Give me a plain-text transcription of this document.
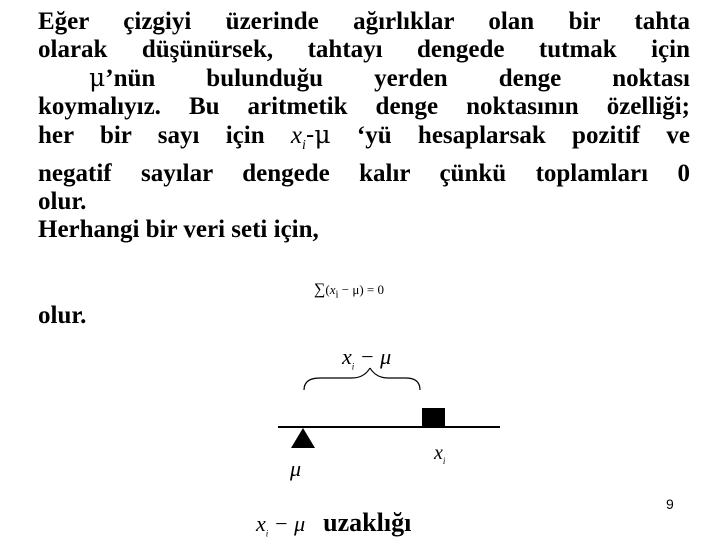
Eğer çizgiyi üzerinde ağırlıklar olan bir tahta
olarak düşünürsek, tahtayı dengede tutmak için
μ’nün bulunduğu yerden denge noktası
koymalıyız. Bu aritmetik denge noktasının özelliği;
her bir sayı için $x_i-\mu$ ‘yü hesaplarsak pozitif ve
negatif sayılar dengede kalır çünkü toplamları 0
olur.
Herhangi bir veri seti için,
$\sum(x_i - \mu) = 0$
olur.
$x_i - \mu$
μ
$x_i$
9
$x_i - \mu$ uzaklığı
